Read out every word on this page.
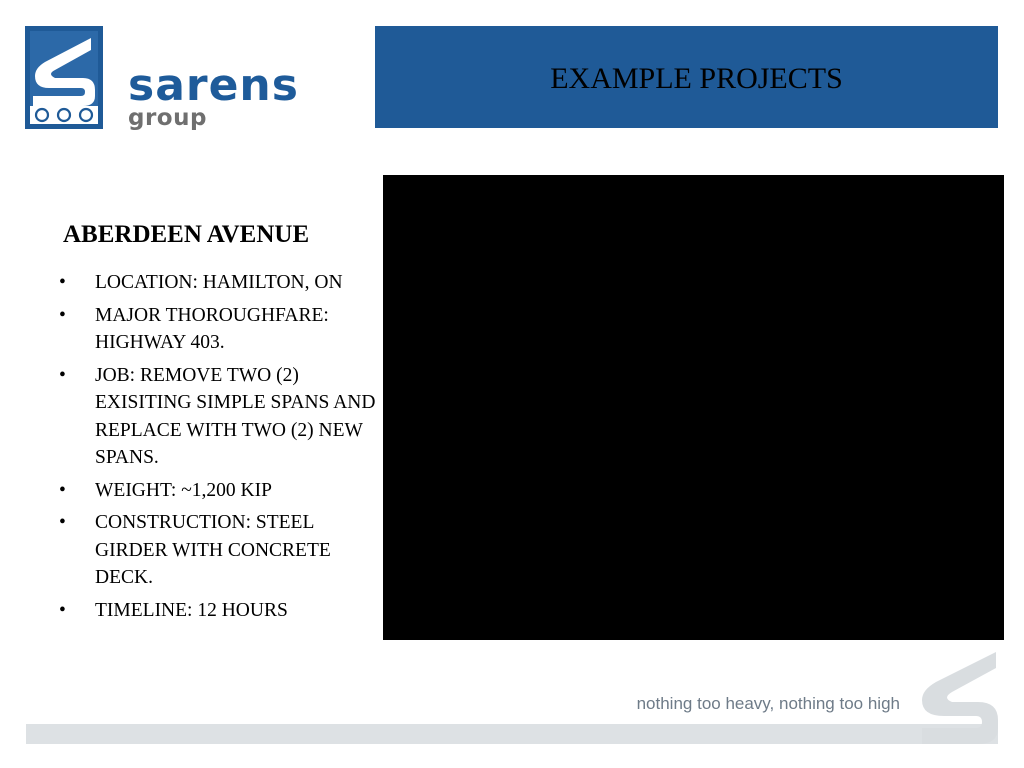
sarens
group
EXAMPLE PROJECTS
ABERDEEN AVENUE
•	LOCATION: HAMILTON, ON
•	MAJOR THOROUGHFARE: HIGHWAY 403.
•	JOB: REMOVE TWO (2) EXISITING SIMPLE SPANS AND REPLACE WITH TWO (2) NEW SPANS.
•	WEIGHT: ~1,200 KIP
•	CONSTRUCTION: STEEL GIRDER WITH CONCRETE DECK.
•	TIMELINE: 12 HOURS
nothing too heavy, nothing too high
